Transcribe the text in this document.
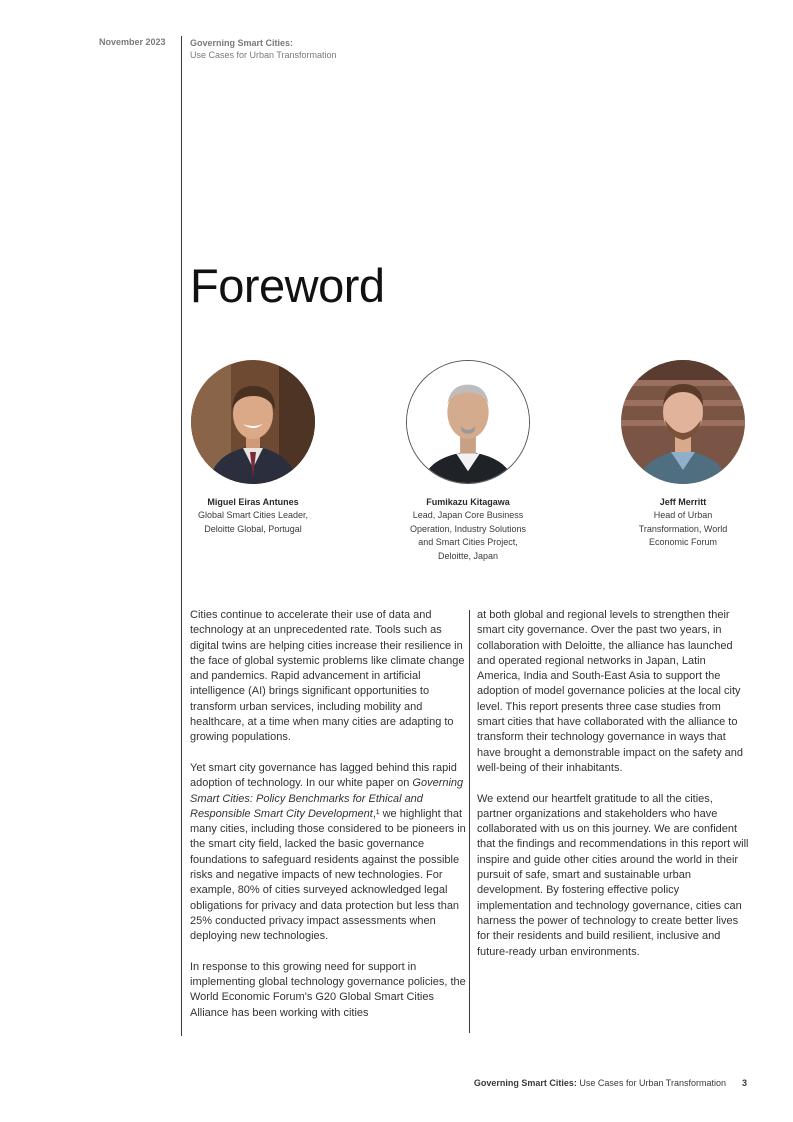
November 2023	Governing Smart Cities:
Use Cases for Urban Transformation
Foreword
Miguel Eiras Antunes
Global Smart Cities Leader,
Deloitte Global, Portugal
Fumikazu Kitagawa
Lead, Japan Core Business
Operation, Industry Solutions
and Smart Cities Project,
Deloitte, Japan
Jeff Merritt
Head of Urban
Transformation, World
Economic Forum

Cities continue to accelerate their use of data and technology at an unprecedented rate. Tools such as digital twins are helping cities increase their resilience in the face of global systemic problems like climate change and pandemics. Rapid advancement in artificial intelligence (AI) brings significant opportunities to transform urban services, including mobility and healthcare, at a time when many cities are adapting to growing populations.

Yet smart city governance has lagged behind this rapid adoption of technology. In our white paper on Governing Smart Cities: Policy Benchmarks for Ethical and Responsible Smart City Development,¹ we highlight that many cities, including those considered to be pioneers in the smart city field, lacked the basic governance foundations to safeguard residents against the possible risks and negative impacts of new technologies. For example, 80% of cities surveyed acknowledged legal obligations for privacy and data protection but less than 25% conducted privacy impact assessments when deploying new technologies.

In response to this growing need for support in implementing global technology governance policies, the World Economic Forum's G20 Global Smart Cities Alliance has been working with cities

at both global and regional levels to strengthen their smart city governance. Over the past two years, in collaboration with Deloitte, the alliance has launched and operated regional networks in Japan, Latin America, India and South-East Asia to support the adoption of model governance policies at the local city level. This report presents three case studies from smart cities that have collaborated with the alliance to transform their technology governance in ways that have brought a demonstrable impact on the safety and well-being of their inhabitants.

We extend our heartfelt gratitude to all the cities, partner organizations and stakeholders who have collaborated with us on this journey. We are confident that the findings and recommendations in this report will inspire and guide other cities around the world in their pursuit of safe, smart and sustainable urban development. By fostering effective policy implementation and technology governance, cities can harness the power of technology to create better lives for their residents and build resilient, inclusive and future-ready urban environments.

Governing Smart Cities: Use Cases for Urban Transformation 3
